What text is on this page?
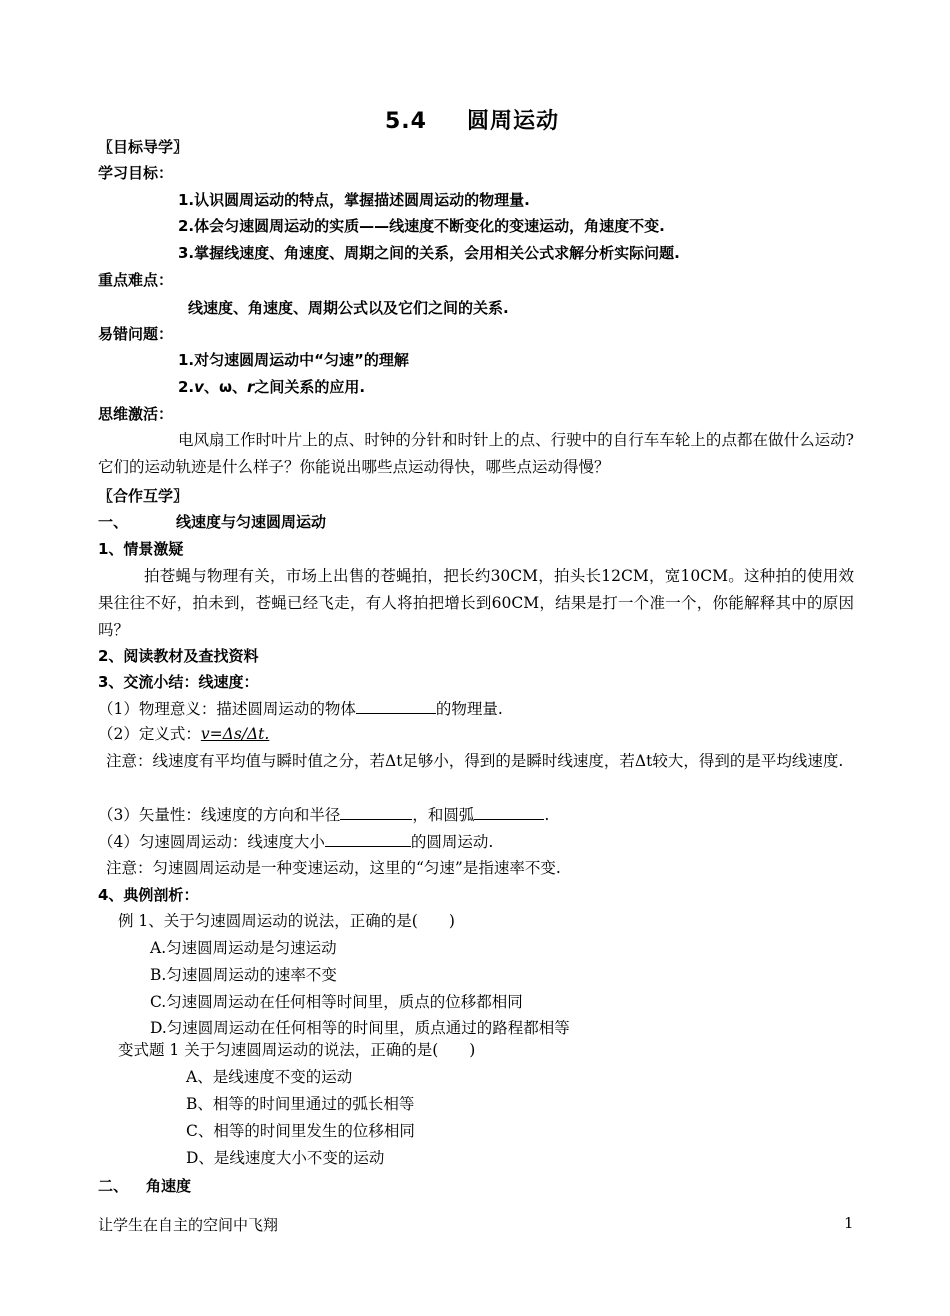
5.4 圆周运动
〖目标导学〗
学习目标：
1.认识圆周运动的特点，掌握描述圆周运动的物理量.
2.体会匀速圆周运动的实质——线速度不断变化的变速运动，角速度不变.
3.掌握线速度、角速度、周期之间的关系，会用相关公式求解分析实际问题.
重点难点：
线速度、角速度、周期公式以及它们之间的关系.
易错问题：
1.对匀速圆周运动中“匀速”的理解
2.v、ω、r之间关系的应用.
思维激活：
电风扇工作时叶片上的点、时钟的分针和时针上的点、行驶中的自行车车轮上的点都在做什么运动?它们的运动轨迹是什么样子？你能说出哪些点运动得快，哪些点运动得慢？
〖合作互学〗
一、	线速度与匀速圆周运动
1、情景激疑
拍苍蝇与物理有关，市场上出售的苍蝇拍，把长约30CM，拍头长12CM，宽10CM。这种拍的使用效果往往不好，拍未到，苍蝇已经飞走，有人将拍把增长到60CM，结果是打一个准一个，你能解释其中的原因吗？
2、阅读教材及查找资料
3、交流小结：线速度：
（1）物理意义：描述圆周运动的物体	的物理量.
（2）定义式：v=Δs/Δt.
注意：线速度有平均值与瞬时值之分，若Δt足够小，得到的是瞬时线速度，若Δt较大，得到的是平均线速度.
（3）矢量性：线速度的方向和半径	，和圆弧	.
（4）匀速圆周运动：线速度大小	的圆周运动.
注意：匀速圆周运动是一种变速运动，这里的“匀速”是指速率不变.
4、典例剖析：
例 1、关于匀速圆周运动的说法，正确的是(　　)
A.匀速圆周运动是匀速运动
B.匀速圆周运动的速率不变
C.匀速圆周运动在任何相等时间里，质点的位移都相同
D.匀速圆周运动在任何相等的时间里，质点通过的路程都相等
变式题 1 关于匀速圆周运动的说法，正确的是(　　)
A、是线速度不变的运动
B、相等的时间里通过的弧长相等
C、相等的时间里发生的位移相同
D、是线速度大小不变的运动
二、 角速度
让学生在自主的空间中飞翔	1
